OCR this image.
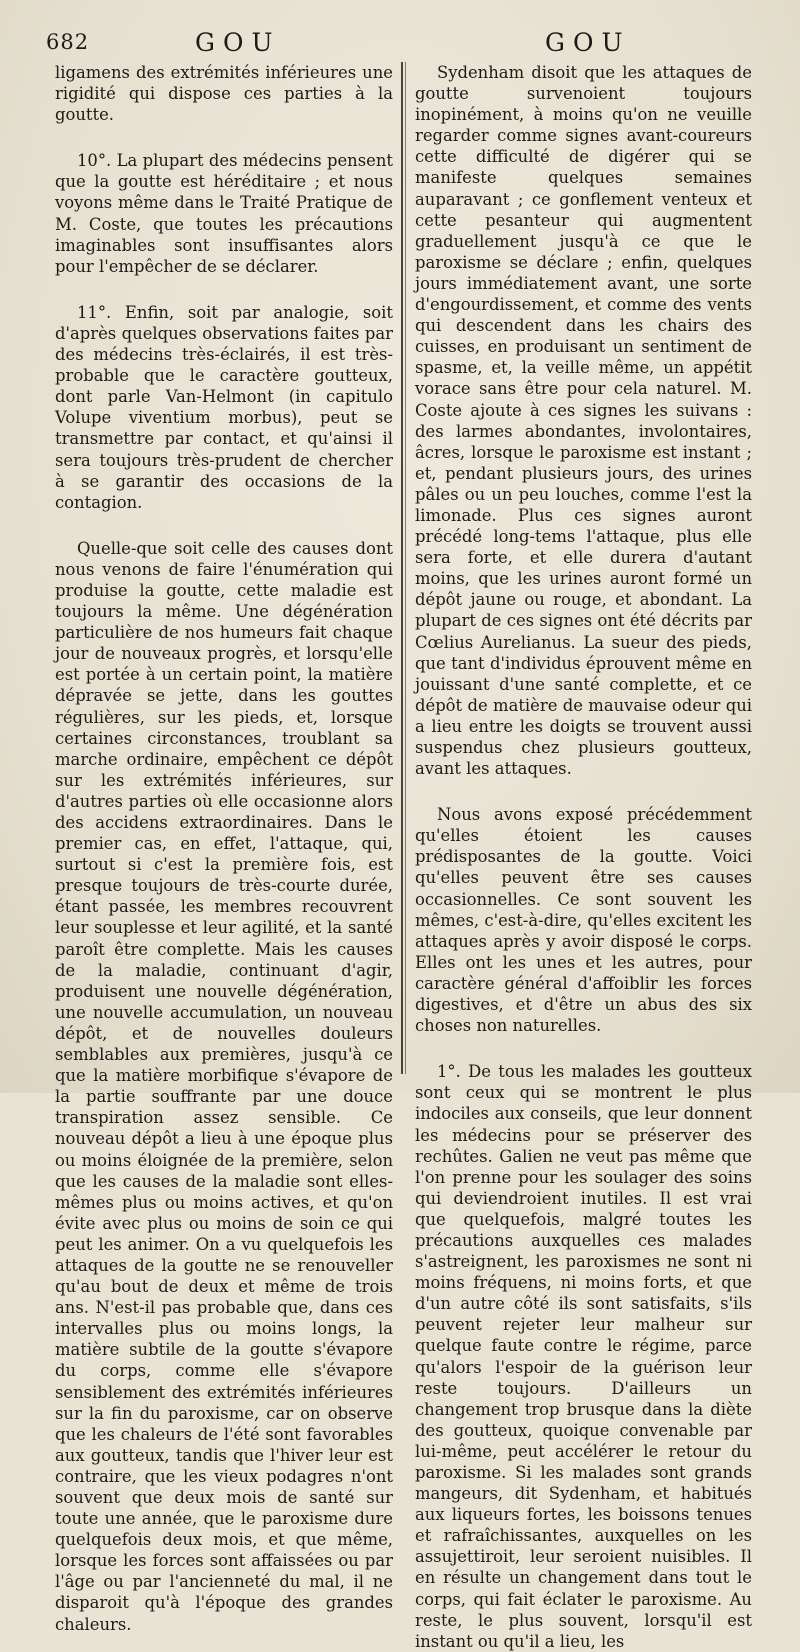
682	GOU	GOU

ligamens des extrémités inférieures une rigidité qui dispose ces parties à la goutte.

10°. La plupart des médecins pensent que la goutte est héréditaire ; et nous voyons même dans le Traité Pratique de M. Coste, que toutes les précautions imaginables sont insuffisantes alors pour l'empêcher de se déclarer.

11°. Enfin, soit par analogie, soit d'après quelques observations faites par des médecins très-éclairés, il est très-probable que le caractère goutteux, dont parle Van-Helmont (in capitulo Volupe viventium morbus), peut se transmettre par contact, et qu'ainsi il sera toujours très-prudent de chercher à se garantir des occasions de la contagion.

Quelle-que soit celle des causes dont nous venons de faire l'énumération qui produise la goutte, cette maladie est toujours la même. Une dégénération particulière de nos humeurs fait chaque jour de nouveaux progrès, et lorsqu'elle est portée à un certain point, la matière dépravée se jette, dans les gouttes régulières, sur les pieds, et, lorsque certaines circonstances, troublant sa marche ordinaire, empêchent ce dépôt sur les extrémités inférieures, sur d'autres parties où elle occasionne alors des accidens extraordinaires. Dans le premier cas, en effet, l'attaque, qui, surtout si c'est la première fois, est presque toujours de très-courte durée, étant passée, les membres recouvrent leur souplesse et leur agilité, et la santé paroît être complette. Mais les causes de la maladie, continuant d'agir, produisent une nouvelle dégénération, une nouvelle accumulation, un nouveau dépôt, et de nouvelles douleurs semblables aux premières, jusqu'à ce que la matière morbifique s'évapore de la partie souffrante par une douce transpiration assez sensible. Ce nouveau dépôt a lieu à une époque plus ou moins éloignée de la première, selon que les causes de la maladie sont elles-mêmes plus ou moins actives, et qu'on évite avec plus ou moins de soin ce qui peut les animer. On a vu quelquefois les attaques de la goutte ne se renouveller qu'au bout de deux et même de trois ans. N'est-il pas probable que, dans ces intervalles plus ou moins longs, la matière subtile de la goutte s'évapore du corps, comme elle s'évapore sensiblement des extrémités inférieures sur la fin du paroxisme, car on observe que les chaleurs de l'été sont favorables aux goutteux, tandis que l'hiver leur est contraire, que les vieux podagres n'ont souvent que deux mois de santé sur toute une année, que le paroxisme dure quelquefois deux mois, et que même, lorsque les forces sont affaissées ou par l'âge ou par l'ancienneté du mal, il ne disparoit qu'à l'époque des grandes chaleurs.

Sydenham disoit que les attaques de goutte survenoient toujours inopinément, à moins qu'on ne veuille regarder comme signes avant-coureurs cette difficulté de digérer qui se manifeste quelques semaines auparavant ; ce gonflement venteux et cette pesanteur qui augmentent graduellement jusqu'à ce que le paroxisme se déclare ; enfin, quelques jours immédiatement avant, une sorte d'engourdissement, et comme des vents qui descendent dans les chairs des cuisses, en produisant un sentiment de spasme, et, la veille même, un appétit vorace sans être pour cela naturel. M. Coste ajoute à ces signes les suivans : des larmes abondantes, involontaires, âcres, lorsque le paroxisme est instant ; et, pendant plusieurs jours, des urines pâles ou un peu louches, comme l'est la limonade. Plus ces signes auront précédé long-tems l'attaque, plus elle sera forte, et elle durera d'autant moins, que les urines auront formé un dépôt jaune ou rouge, et abondant. La plupart de ces signes ont été décrits par Cœlius Aurelianus. La sueur des pieds, que tant d'individus éprouvent même en jouissant d'une santé complette, et ce dépôt de matière de mauvaise odeur qui a lieu entre les doigts se trouvent aussi suspendus chez plusieurs goutteux, avant les attaques.

Nous avons exposé précédemment qu'elles étoient les causes prédisposantes de la goutte. Voici qu'elles peuvent être ses causes occasionnelles. Ce sont souvent les mêmes, c'est-à-dire, qu'elles excitent les attaques après y avoir disposé le corps. Elles ont les unes et les autres, pour caractère général d'affoiblir les forces digestives, et d'être un abus des six choses non naturelles.

1°. De tous les malades les goutteux sont ceux qui se montrent le plus indociles aux conseils, que leur donnent les médecins pour se préserver des rechûtes. Galien ne veut pas même que l'on prenne pour les soulager des soins qui deviendroient inutiles. Il est vrai que quelquefois, malgré toutes les précautions auxquelles ces malades s'astreignent, les paroxismes ne sont ni moins fréquens, ni moins forts, et que d'un autre côté ils sont satisfaits, s'ils peuvent rejeter leur malheur sur quelque faute contre le régime, parce qu'alors l'espoir de la guérison leur reste toujours. D'ailleurs un changement trop brusque dans la diète des goutteux, quoique convenable par lui-même, peut accélérer le retour du paroxisme. Si les malades sont grands mangeurs, dit Sydenham, et habitués aux liqueurs fortes, les boissons tenues et rafraîchissantes, auxquelles on les assujettiroit, leur seroient nuisibles. Il en résulte un changement dans tout le corps, qui fait éclater le paroxisme. Au reste, le plus souvent, lorsqu'il est instant ou qu'il a lieu, les
